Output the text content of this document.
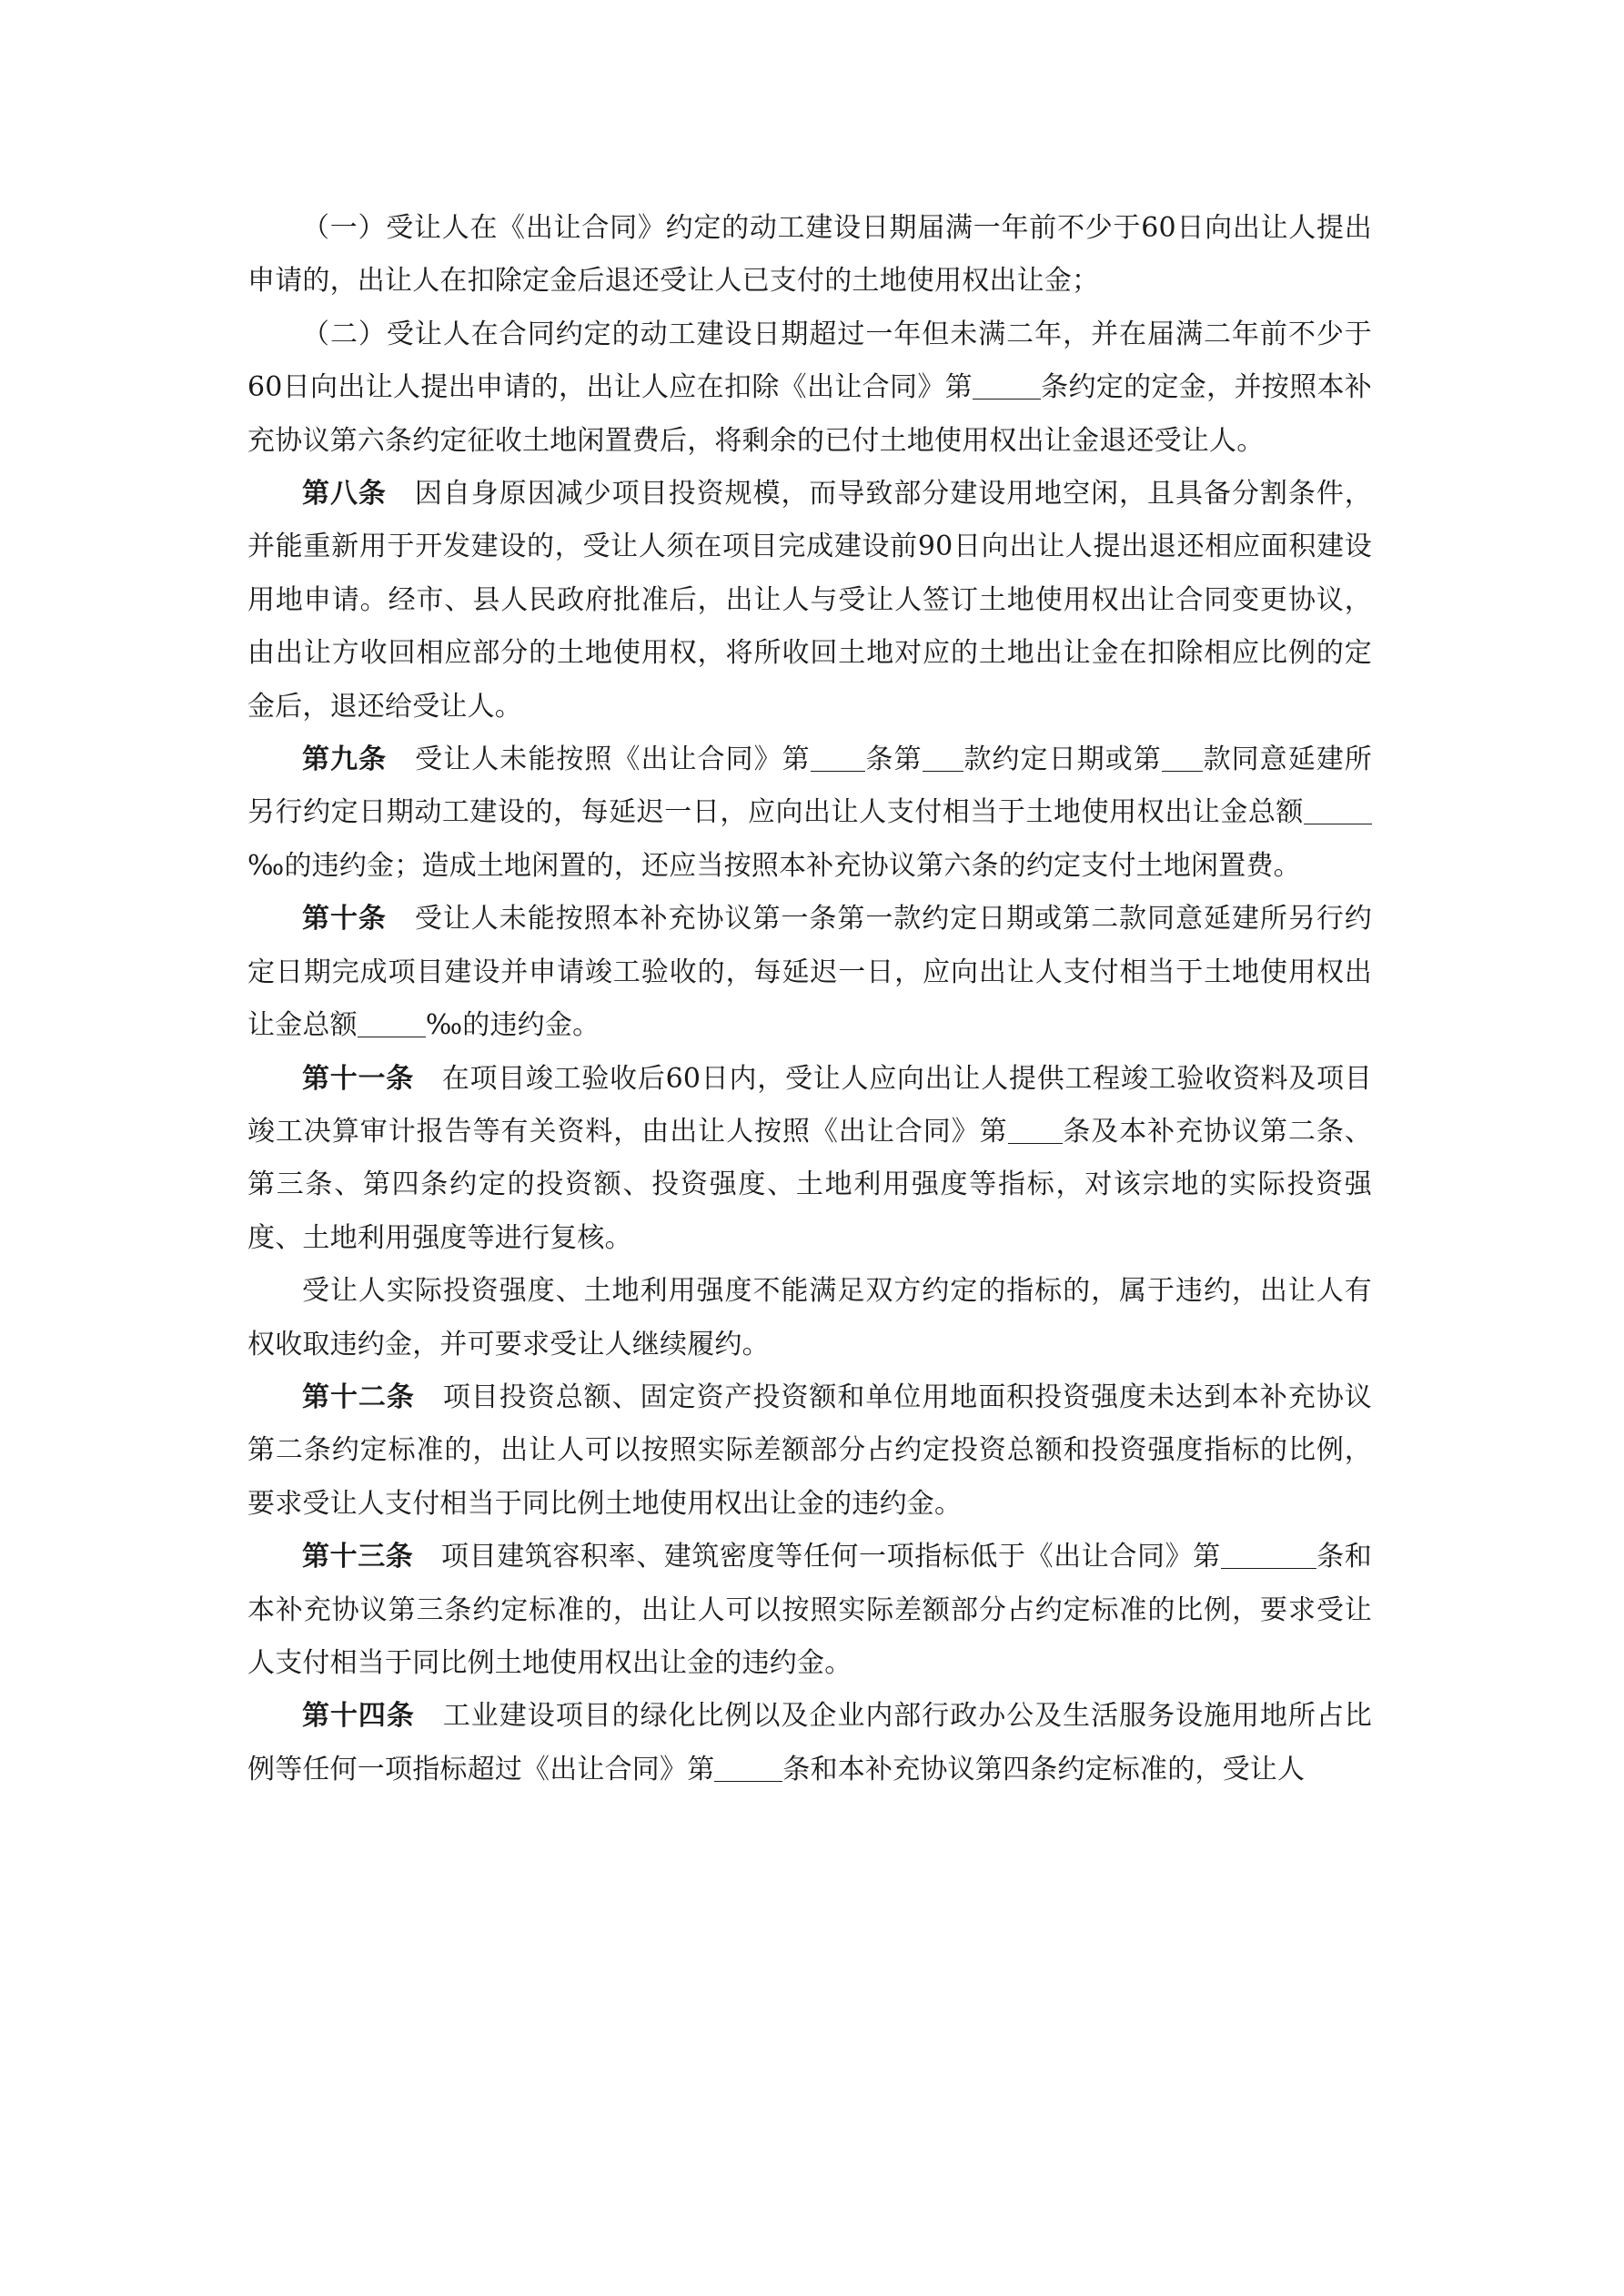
（一）受让人在《出让合同》约定的动工建设日期届满一年前不少于60日向出让人提出申请的，出让人在扣除定金后退还受让人已支付的土地使用权出让金；

（二）受让人在合同约定的动工建设日期超过一年但未满二年，并在届满二年前不少于60日向出让人提出申请的，出让人应在扣除《出让合同》第	条约定的定金，并按照本补充协议第六条约定征收土地闲置费后，将剩余的已付土地使用权出让金退还受让人。

第八条　因自身原因减少项目投资规模，而导致部分建设用地空闲，且具备分割条件，并能重新用于开发建设的，受让人须在项目完成建设前90日向出让人提出退还相应面积建设用地申请。经市、县人民政府批准后，出让人与受让人签订土地使用权出让合同变更协议，由出让方收回相应部分的土地使用权，将所收回土地对应的土地出让金在扣除相应比例的定金后，退还给受让人。

第九条　受让人未能按照《出让合同》第 条第 款约定日期或第 款同意延建所另行约定日期动工建设的，每延迟一日，应向出让人支付相当于土地使用权出让金总额‰的违约金；造成土地闲置的，还应当按照本补充协议第六条的约定支付土地闲置费。

第十条　受让人未能按照本补充协议第一条第一款约定日期或第二款同意延建所另行约定日期完成项目建设并申请竣工验收的，每延迟一日，应向出让人支付相当于土地使用权出让金总额	‰的违约金。

第十一条　在项目竣工验收后60日内，受让人应向出让人提供工程竣工验收资料及项目竣工决算审计报告等有关资料，由出让人按照《出让合同》第 条及本补充协议第二条、第三条、第四条约定的投资额、投资强度、土地利用强度等指标，对该宗地的实际投资强度、土地利用强度等进行复核。

受让人实际投资强度、土地利用强度不能满足双方约定的指标的，属于违约，出让人有权收取违约金，并可要求受让人继续履约。

第十二条　项目投资总额、固定资产投资额和单位用地面积投资强度未达到本补充协议第二条约定标准的，出让人可以按照实际差额部分占约定投资总额和投资强度指标的比例，要求受让人支付相当于同比例土地使用权出让金的违约金。

第十三条　项目建筑容积率、建筑密度等任何一项指标低于《出让合同》第	条和本补充协议第三条约定标准的，出让人可以按照实际差额部分占约定标准的比例，要求受让人支付相当于同比例土地使用权出让金的违约金。

第十四条　工业建设项目的绿化比例以及企业内部行政办公及生活服务设施用地所占比例等任何一项指标超过《出让合同》第	条和本补充协议第四条约定标准的，受让人
